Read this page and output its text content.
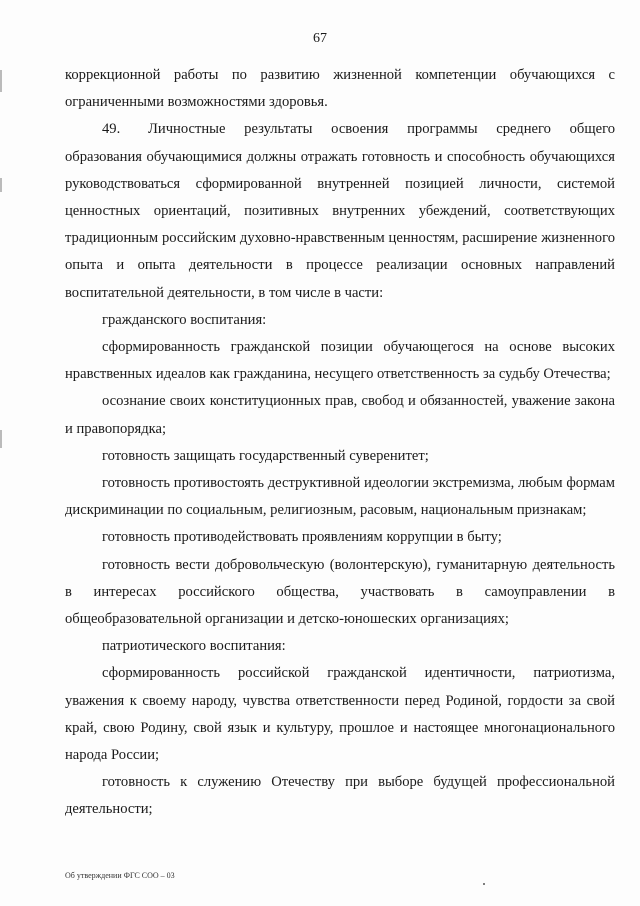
67

коррекционной работы по развитию жизненной компетенции обучающихся с ограниченными возможностями здоровья.

49. Личностные результаты освоения программы среднего общего образования обучающимися должны отражать готовность и способность обучающихся руководствоваться сформированной внутренней позицией личности, системой ценностных ориентаций, позитивных внутренних убеждений, соответствующих традиционным российским духовно-нравственным ценностям, расширение жизненного опыта и опыта деятельности в процессе реализации основных направлений воспитательной деятельности, в том числе в части:

гражданского воспитания:

сформированность гражданской позиции обучающегося на основе высоких нравственных идеалов как гражданина, несущего ответственность за судьбу Отечества;

осознание своих конституционных прав, свобод и обязанностей, уважение закона и правопорядка;

готовность защищать государственный суверенитет;

готовность противостоять деструктивной идеологии экстремизма, любым формам дискриминации по социальным, религиозным, расовым, национальным признакам;

готовность противодействовать проявлениям коррупции в быту;

готовность вести добровольческую (волонтерскую), гуманитарную деятельность в интересах российского общества, участвовать в самоуправлении в общеобразовательной организации и детско-юношеских организациях;

патриотического воспитания:

сформированность российской гражданской идентичности, патриотизма, уважения к своему народу, чувства ответственности перед Родиной, гордости за свой край, свою Родину, свой язык и культуру, прошлое и настоящее многонационального народа России;

готовность к служению Отечеству при выборе будущей профессиональной деятельности;

Об утверждении ФГС СОО – 03
